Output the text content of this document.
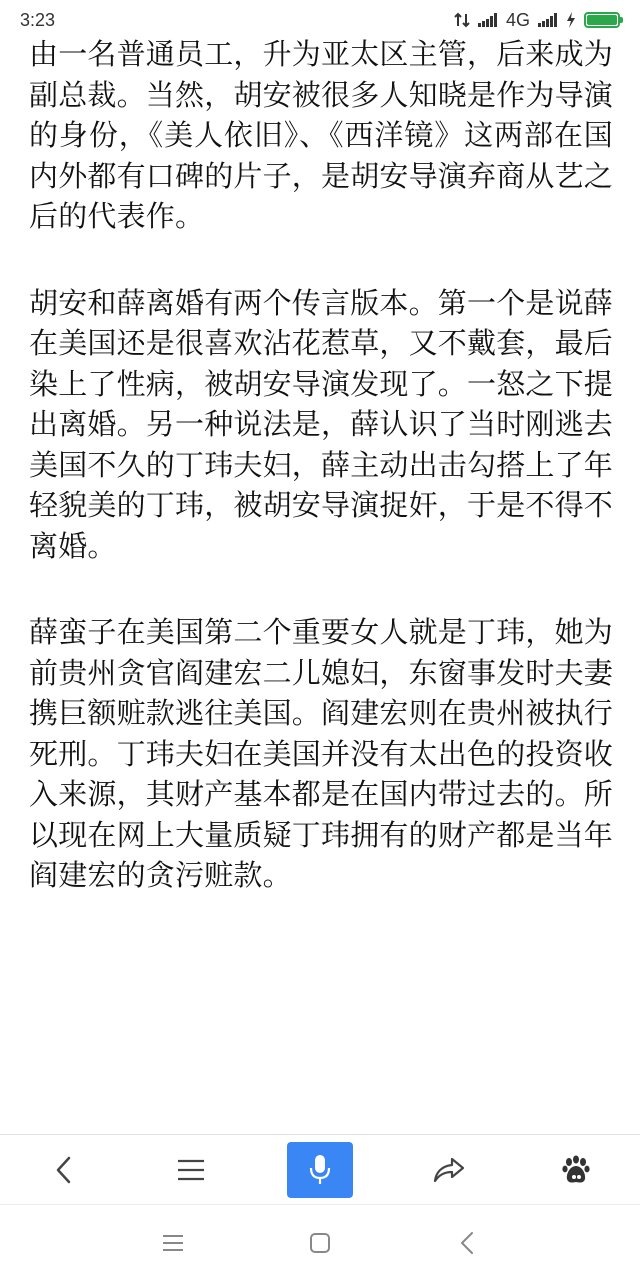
3:23	4G

由一名普通员工，升为亚太区主管，后来成为副总裁。当然，胡安被很多人知晓是作为导演的身份，《美人依旧》、《西洋镜》这两部在国内外都有口碑的片子，是胡安导演弃商从艺之后的代表作。

胡安和薛离婚有两个传言版本。第一个是说薛在美国还是很喜欢沾花惹草，又不戴套，最后染上了性病，被胡安导演发现了。一怒之下提出离婚。另一种说法是，薛认识了当时刚逃去美国不久的丁玮夫妇，薛主动出击勾搭上了年轻貌美的丁玮，被胡安导演捉奸，于是不得不离婚。

薛蛮子在美国第二个重要女人就是丁玮，她为前贵州贪官阎建宏二儿媳妇，东窗事发时夫妻携巨额赃款逃往美国。阎建宏则在贵州被执行死刑。丁玮夫妇在美国并没有太出色的投资收入来源，其财产基本都是在国内带过去的。所以现在网上大量质疑丁玮拥有的财产都是当年阎建宏的贪污赃款。
